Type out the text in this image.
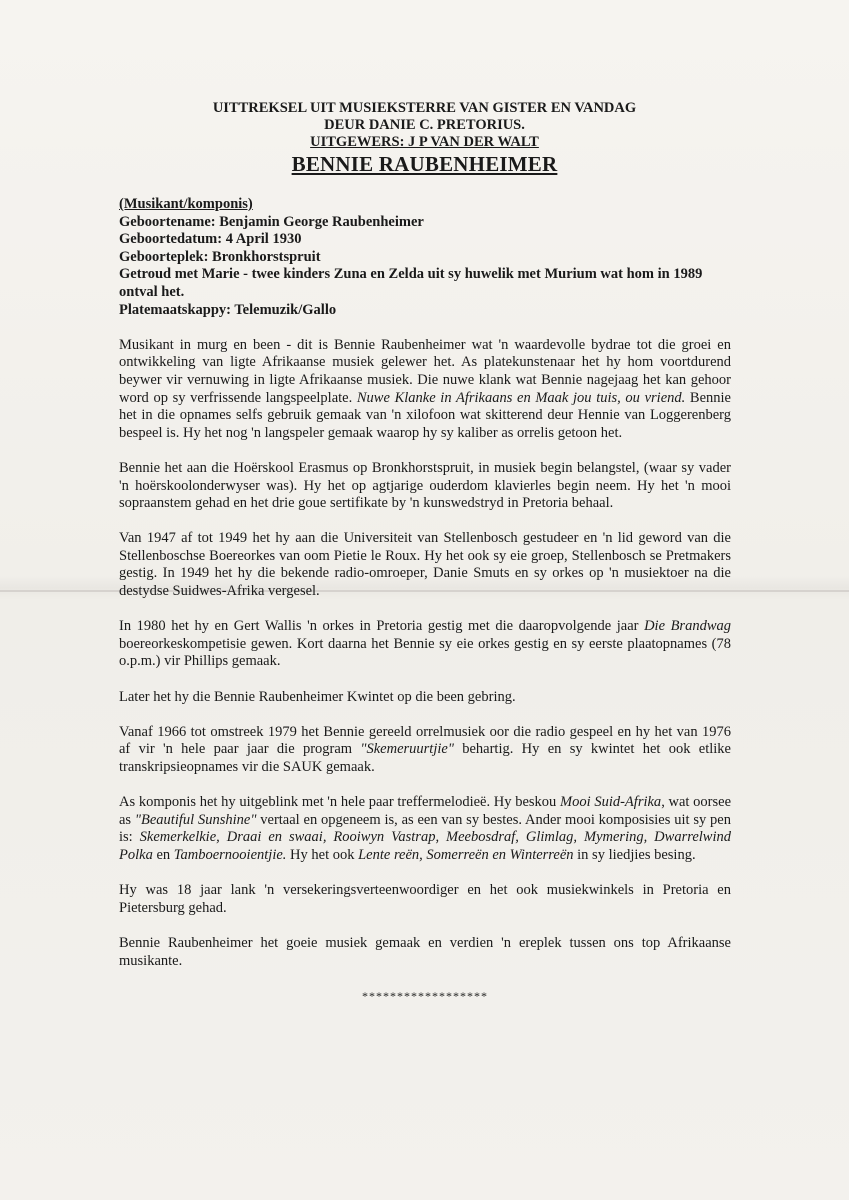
UITTREKSEL UIT MUSIEKSTERRE VAN GISTER EN VANDAG
DEUR DANIE C. PRETORIUS.
UITGEWERS: J P VAN DER WALT
BENNIE RAUBENHEIMER
(Musikant/komponis)
Geboortename: Benjamin George Raubenheimer
Geboortedatum: 4 April 1930
Geboorteplek: Bronkhorstspruit
Getroud met Marie - twee kinders Zuna en Zelda uit sy huwelik met Murium wat hom in 1989 ontval het.
Platemaatskappy: Telemuzik/Gallo

Musikant in murg en been - dit is Bennie Raubenheimer wat 'n waardevolle bydrae tot die groei en ontwikkeling van ligte Afrikaanse musiek gelewer het. As platekunstenaar het hy hom voortdurend beywer vir vernuwing in ligte Afrikaanse musiek. Die nuwe klank wat Bennie nagejaag het kan gehoor word op sy verfrissende langspeelplate. Nuwe Klanke in Afrikaans en Maak jou tuis, ou vriend. Bennie het in die opnames selfs gebruik gemaak van 'n xilofoon wat skitterend deur Hennie van Loggerenberg bespeel is. Hy het nog 'n langspeler gemaak waarop hy sy kaliber as orrelis getoon het.

Bennie het aan die Hoërskool Erasmus op Bronkhorstspruit, in musiek begin belangstel, (waar sy vader 'n hoërskoolonderwyser was). Hy het op agtjarige ouderdom klavierles begin neem. Hy het 'n mooi sopraanstem gehad en het drie goue sertifikate by 'n kunswedstryd in Pretoria behaal.

Van 1947 af tot 1949 het hy aan die Universiteit van Stellenbosch gestudeer en 'n lid geword van die Stellenboschse Boereorkes van oom Pietie le Roux. Hy het ook sy eie groep, Stellenbosch se Pretmakers gestig. In 1949 het hy die bekende radio-omroeper, Danie Smuts en sy orkes op 'n musiektoer na die destydse Suidwes-Afrika vergesel.

In 1980 het hy en Gert Wallis 'n orkes in Pretoria gestig met die daaropvolgende jaar Die Brandwag boereorkeskompetisie gewen. Kort daarna het Bennie sy eie orkes gestig en sy eerste plaatopnames (78 o.p.m.) vir Phillips gemaak.

Later het hy die Bennie Raubenheimer Kwintet op die been gebring.

Vanaf 1966 tot omstreek 1979 het Bennie gereeld orrelmusiek oor die radio gespeel en hy het van 1976 af vir 'n hele paar jaar die program "Skemeruurtjie" behartig. Hy en sy kwintet het ook etlike transkripsieopnames vir die SAUK gemaak.

As komponis het hy uitgeblink met 'n hele paar treffermelodieë. Hy beskou Mooi Suid-Afrika, wat oorsee as "Beautiful Sunshine" vertaal en opgeneem is, as een van sy bestes. Ander mooi komposisies uit sy pen is: Skemerkelkie, Draai en swaai, Rooiwyn Vastrap, Meebosdraf, Glimlag, Mymering, Dwarrelwind Polka en Tamboernooientjie. Hy het ook Lente reën, Somerreën en Winterreën in sy liedjies besing.

Hy was 18 jaar lank 'n versekeringsverteenwoordiger en het ook musiekwinkels in Pretoria en Pietersburg gehad.

Bennie Raubenheimer het goeie musiek gemaak en verdien 'n ereplek tussen ons top Afrikaanse musikante.

******************
